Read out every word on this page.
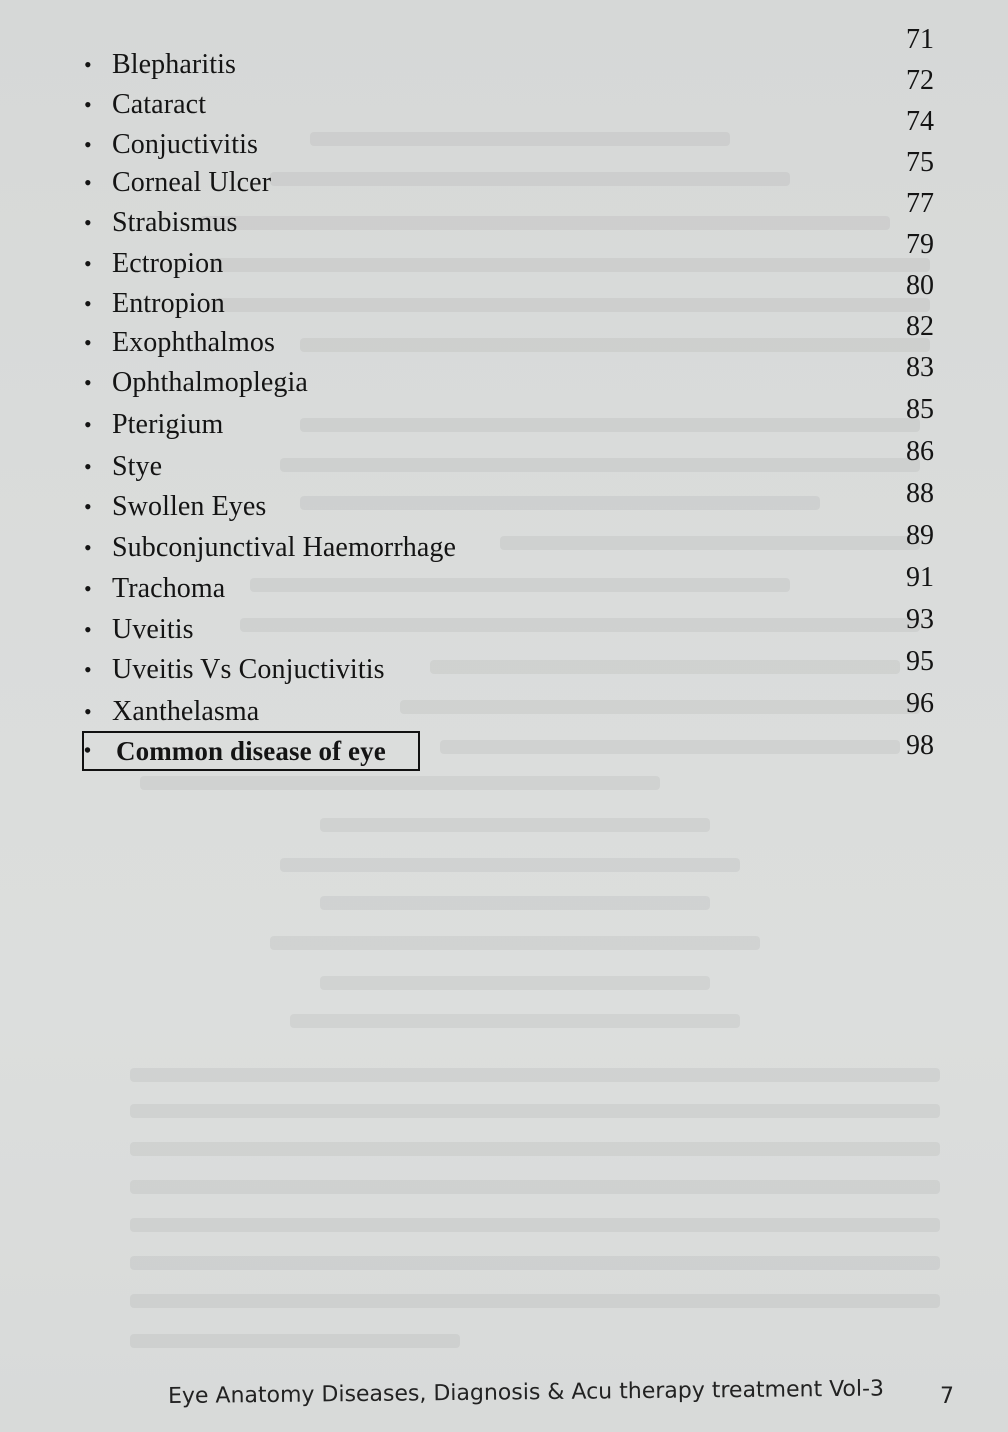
• Blepharitis
• Cataract
• Conjuctivitis
• Corneal Ulcer
• Strabismus
• Ectropion
• Entropion
• Exophthalmos
• Ophthalmoplegia
• Pterigium
• Stye
• Swollen Eyes
• Subconjunctival Haemorrhage
• Trachoma
• Uveitis
• Uveitis Vs Conjuctivitis
• Xanthelasma
• Common disease of eye
71
72
74
75
77
79
80
82
83
85
86
88
89
91
93
95
96
98
Eye Anatomy Diseases, Diagnosis & Acu therapy treatment Vol-3	7
